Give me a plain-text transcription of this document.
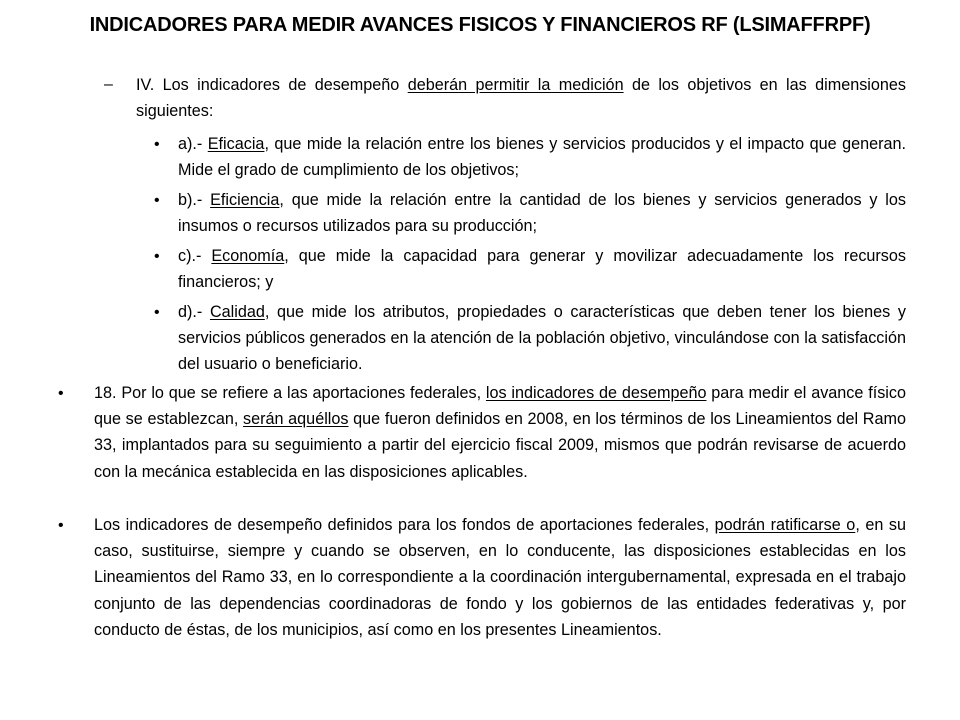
INDICADORES PARA MEDIR AVANCES FISICOS Y FINANCIEROS RF (LSIMAFFRPF)
– IV. Los indicadores de desempeño deberán permitir la medición de los objetivos en las dimensiones siguientes:
• a).- Eficacia, que mide la relación entre los bienes y servicios producidos y el impacto que generan. Mide el grado de cumplimiento de los objetivos;
• b).- Eficiencia, que mide la relación entre la cantidad de los bienes y servicios generados y los insumos o recursos utilizados para su producción;
• c).- Economía, que mide la capacidad para generar y movilizar adecuadamente los recursos financieros; y
• d).- Calidad, que mide los atributos, propiedades o características que deben tener los bienes y servicios públicos generados en la atención de la población objetivo, vinculándose con la satisfacción del usuario o beneficiario.
• 18. Por lo que se refiere a las aportaciones federales, los indicadores de desempeño para medir el avance físico que se establezcan, serán aquéllos que fueron definidos en 2008, en los términos de los Lineamientos del Ramo 33, implantados para su seguimiento a partir del ejercicio fiscal 2009, mismos que podrán revisarse de acuerdo con la mecánica establecida en las disposiciones aplicables.
• Los indicadores de desempeño definidos para los fondos de aportaciones federales, podrán ratificarse o, en su caso, sustituirse, siempre y cuando se observen, en lo conducente, las disposiciones establecidas en los Lineamientos del Ramo 33, en lo correspondiente a la coordinación intergubernamental, expresada en el trabajo conjunto de las dependencias coordinadoras de fondo y los gobiernos de las entidades federativas y, por conducto de éstas, de los municipios, así como en los presentes Lineamientos.
